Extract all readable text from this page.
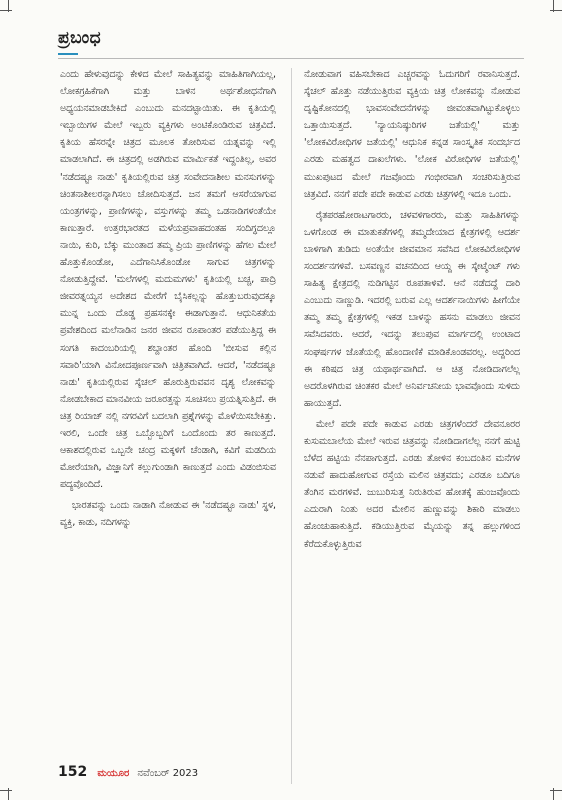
ಪ್ರಬಂಧ

ಎಂದು ಹೇಳುವುದನ್ನು ಕೇಳಿದ ಮೇಲೆ ಸಾಹಿತ್ಯವನ್ನು ಮಾಹಿತಿಗಾಗಿಯಲ್ಲ, ಲೋಕಗ್ರಹಿಕೆಗಾಗಿ ಮತ್ತು ಬಾಳಿನ ಅರ್ಥಶೋಧನೆಗಾಗಿ ಅಧ್ಯಯನಮಾಡಬೇಕಿದೆ ಎಂಬುದು ಮನದಟ್ಟಾಯಿತು. ಈ ಕೃತಿಯಲ್ಲಿ ಇಬ್ಬಾಯಿಗಳ ಮೇಲೆ ಇಬ್ಬರು ವ್ಯಕ್ತಿಗಳು ಅಂಟಿಕೊಂಡಿರುವ ಚಿತ್ರವಿದೆ. ಕೃತಿಯ ಹೆಸರನ್ನೇ ಚಿತ್ರದ ಮೂಲಕ ತೋರಿಸುವ ಯತ್ನವನ್ನು ಇಲ್ಲಿ ಮಾಡಲಾಗಿದೆ. ಈ ಚಿತ್ರದಲ್ಲಿ ಅಡಗಿರುವ ಮಾರ್ಮಿಕತೆ ಇದ್ದಂತಿಲ್ಲ, ಅವರ 'ನಡೆದಷ್ಟೂ ನಾಡು' ಕೃತಿಯಲ್ಲಿರುವ ಚಿತ್ರ ಸಂವೇದನಾಶೀಲ ಮನಸುಗಳನ್ನು ಚಿಂತನಾಶೀಲರನ್ನಾಗಿಸಲು ಚೋದಿಸುತ್ತದೆ. ಜನ ತಮಗೆ ಆಸರೆಯಾಗುವ ಯಂತ್ರಗಳನ್ನು, ಪ್ರಾಣಿಗಳನ್ನು, ವಸ್ತುಗಳನ್ನು ತಮ್ಮ ಒಡನಾಡಿಗಳಂತೆಯೇ ಕಾಣುತ್ತಾರೆ. ಉತ್ತರಭಾರತದ ಮಳೆಯಪ್ರವಾಹದಂತಹ ಸಂದಿಗ್ಧದಲ್ಲೂ ನಾಯಿ, ಕುರಿ, ಬೆಕ್ಕು ಮುಂತಾದ ತಮ್ಮ ಪ್ರಿಯ ಪ್ರಾಣಿಗಳನ್ನು ಹೆಗಲ ಮೇಲೆ ಹೊತ್ತುಕೊಂಡೋ, ಎದೆಗಾನಿಸಿಕೊಂಡೋ ಸಾಗುವ ಚಿತ್ರಗಳನ್ನು ನೋಡುತ್ತಿದ್ದೇವೆ. 'ಮಲೆಗಳಲ್ಲಿ ಮದುಮಗಳು' ಕೃತಿಯಲ್ಲಿ ಬಚ್ಚ, ಪಾದ್ರಿ ಜೀವರತ್ನಯ್ಯನ ಅದೇಶದ ಮೇರೆಗೆ ಬೈಸಿಕಲ್ಲನ್ನು ಹೊತ್ತುಬರುವುದಕ್ಕೂ ಮುನ್ನ ಒಂದು ದೊಡ್ಡ ಪ್ರಹಸನಕ್ಕೇ ಈಡಾಗುತ್ತಾನೆ. ಆಧುನಿಕತೆಯ ಪ್ರವೇಶದಿಂದ ಮಲೆನಾಡಿನ ಜನರ ಜೀವನ ರೂಪಾಂತರ ಪಡೆಯುತ್ತಿದ್ದ ಈ ಸಂಗತಿ ಕಾದಂಬರಿಯಲ್ಲಿ ಶಬ್ದಾಂತರ ಹೊಂದಿ 'ಬೀಸುವ ಕಲ್ಲಿನ ಸವಾರಿ'ಯಾಗಿ ವಿನೋದಪೂರ್ಣವಾಗಿ ಚಿತ್ರಿತವಾಗಿದೆ. ಆದರೆ, 'ನಡೆದಷ್ಟೂ ನಾಡು' ಕೃತಿಯಲ್ಲಿರುವ ಸ್ಕೆಚಲ್ ಹೊರುತ್ತಿರುವವನ ದೃಶ್ಯ ಲೋಕವನ್ನು ನೋಡಬೇಕಾದ ಮಾನವೀಯ ಜರೂರತ್ತನ್ನು ಸೂಚಿಸಲು ಪ್ರಯತ್ನಿಸುತ್ತಿದೆ. ಈ ಚಿತ್ರ ರಿಯಾಜ್ ನಲ್ಲಿ ನಗರವಿಗೆ ಬದಲಾಗಿ ಪ್ರಶ್ನೆಗಳನ್ನು ಮೊಳೆಯಿಸಬೇಕಿತ್ತು. ಇರಲಿ, ಒಂದೇ ಚಿತ್ರ ಒಬ್ಬೊಬ್ಬರಿಗೆ ಒಂದೊಂದು ತರ ಕಾಣುತ್ತದೆ. ಆಕಾಶದಲ್ಲಿರುವ ಒಬ್ಬನೇ ಚಂದ್ರ ಮಕ್ಕಳಿಗೆ ಚೆಂಡಾಗಿ, ಕವಿಗೆ ಮಡದಿಯ ಮೋರೆಯಾಗಿ, ವಿಜ್ಞಾನಿಗೆ ಕಲ್ಲುಗುಂಡಾಗಿ ಕಾಣುತ್ತದೆ ಎಂದು ವಿಡಂಬಿಸುವ ಪದ್ಯವೊಂದಿದೆ.

ಭಾರತವನ್ನು ಒಂದು ನಾಡಾಗಿ ನೋಡುವ ಈ 'ನಡೆದಷ್ಟೂ ನಾಡು' ಸ್ಥಳ, ವ್ಯಕ್ತಿ, ಕಾಡು, ನದಿಗಳನ್ನು

ನೋಡುವಾಗ ವಹಿಸಬೇಕಾದ ಎಚ್ಚರವನ್ನು ಓದುಗರಿಗೆ ರವಾನಿಸುತ್ತದೆ. ಸ್ಕೆಚಲ್ ಹೊತ್ತು ನಡೆಯುತ್ತಿರುವ ವ್ಯಕ್ತಿಯ ಚಿತ್ರ ಲೋಕವನ್ನು ನೋಡುವ ದೃಷ್ಟಿಕೋನದಲ್ಲಿ ಭಾವಸಂವೇದನೆಗಳನ್ನು ಜೀವಂತವಾಗಿಟ್ಟುಕೊಳ್ಳಲು ಒತ್ತಾಯಿಸುತ್ತದೆ. 'ನ್ಯಾಯನಿಷ್ಠುರಿಗಳ ಜತೆಯಲ್ಲಿ' ಮತ್ತು 'ಲೋಕವಿರೋಧಿಗಳ ಜತೆಯಲ್ಲಿ' ಆಧುನಿಕ ಕನ್ನಡ ಸಾಂಸ್ಕೃತಿಕ ಸಂದರ್ಭದ ಎರಡು ಮಹತ್ವದ ದಾಖಲೆಗಳು. 'ಲೋಕ ವಿರೋಧಿಗಳ ಜತೆಯಲ್ಲಿ' ಮುಖಪುಟದ ಮೇಲೆ ಗಜವೊಂದು ಗಂಭೀರವಾಗಿ ಸಂಚರಿಸುತ್ತಿರುವ ಚಿತ್ರವಿದೆ. ನನಗೆ ಪದೇ ಪದೇ ಕಾಡುವ ಎರಡು ಚಿತ್ರಗಳಲ್ಲಿ ಇದೂ ಒಂದು.

ರೈತಪರಹೋರಾಟಗಾರರು, ಚಳವಳಿಗಾರರು, ಮತ್ತು ಸಾಹಿತಿಗಳನ್ನು ಒಳಗೊಂಡ ಈ ಮಾತುಕತೆಗಳಲ್ಲಿ ತಮ್ಮದೇಯಾದ ಕ್ಷೇತ್ರಗಳಲ್ಲಿ ಆದರ್ಶ ಬಾಳಿಗಾಗಿ ತುಡಿದು ಅಂತೆಯೇ ಜೀವಮಾನ ಸವೆಸಿದ ಲೋಕವಿರೋಧಿಗಳ ಸಂದರ್ಶನಗಳಿವೆ. ಬಸವಣ್ಣನ ವಚನದಿಂದ ಆಯ್ದ ಈ ಸ್ಕೇಟ್ಮೆಂಟ್ ಗಳು ಸಾಹಿತ್ಯ ಕ್ಷೇತ್ರದಲ್ಲಿ ನುಡಿಗಟ್ಟಿನ ರೂಪತಾಳಿವೆ. ಆನೆ ನಡೆದದ್ದೆ ದಾರಿ ಎಂಬುದು ನಾಣ್ಣುಡಿ. ಇದರಲ್ಲಿ ಬರುವ ಎಲ್ಲ ಆದರ್ಶನಾಯಿಗಳು ಹೀಗೆಯೇ ತಮ್ಮ ತಮ್ಮ ಕ್ಷೇತ್ರಗಳಲ್ಲಿ ಇಕಡ ಬಾಳನ್ನು ಹಸನು ಮಾಡಲು ಜೀವನ ಸವೆಸಿದವರು. ಆದರೆ, ಇದನ್ನು ತಲುಪುವ ಮಾರ್ಗದಲ್ಲಿ ಉಂಟಾದ ಸಂಘರ್ಷಗಳ ಜೊತೆಯಲ್ಲಿ ಹೊಂದಾಣಿಕೆ ಮಾಡಿಕೊಂಡವರಲ್ಲ. ಅದ್ದರಿಂದ ಈ ಕಠಿಷದ ಚಿತ್ರ ಯಥಾರ್ಥವಾಗಿದೆ. ಆ ಚಿತ್ರ ನೋಡಿದಾಗಲೆಲ್ಲ ಅದರೊಳಗಿರುವ ಚಿಂತಕರ ಮೇಲೆ ಅನಿರ್ವಚನೀಯ ಭಾವವೊಂದು ಸುಳಿದು ಹಾಯುತ್ತದೆ.

ಮೇಲೆ ಪದೇ ಪದೇ ಕಾಡುವ ಎರಡು ಚಿತ್ರಗಳೆಂದರೆ ದೇವನೂರರ ಕುಸುಮಬಾಲೆಯ ಮೇಲೆ ಇರುವ ಚಿತ್ರವನ್ನು ನೋಡಿದಾಗಲೆಲ್ಲ ನನಗೆ ಹುಟ್ಟಿ ಬೆಳೆದ ಹಟ್ಟಿಯ ನೆನಪಾಗುತ್ತದೆ. ಎರಡು ತೋಳಿನ ಕಂಬದಂತಿನ ಮನೆಗಳ ನಡುವೆ ಹಾದುಹೋಗುವ ರಸ್ತೆಯ ಮಲಿನ ಚಿತ್ರವದು; ಎರಡೂ ಬದಿಗೂ ತೆಂಗಿನ ಮರಗಳಿವೆ. ಜುಬುರಿಸುತ್ತ ನಿರುತಿರುವ ಹೋತಕ್ಕೆ ಹುಂಜವೊಂದು ಎದುರಾಗಿ ನಿಂತು ಅದರ ಮೇಲಿನ ಹುಣ್ಣುವನ್ನು ಶಿಕಾರಿ ಮಾಡಲು ಹೊಂಚುಹಾಕುತ್ತಿದೆ. ಕಡಿಯುತ್ತಿರುವ ಮೈಯನ್ನು ತನ್ನ ಹಲ್ಲುಗಳಿಂದ ಕೆರೆದುಕೊಳ್ಳುತ್ತಿರುವ

152 ಮಯೂರ ನವೆಂಬರ್ 2023
